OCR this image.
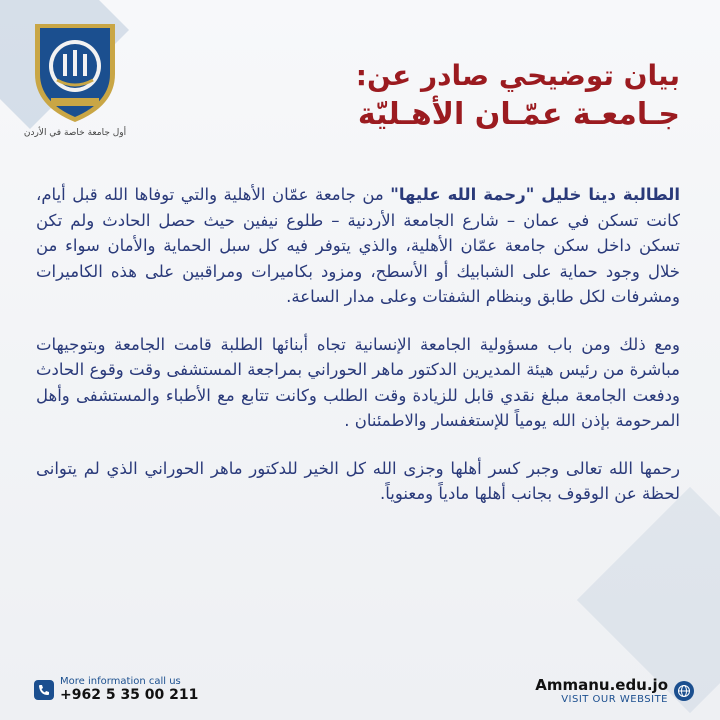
أول جامعة خاصة في الأردن
بيان توضيحي صادر عن:
جـامعـة عمّـان الأهـليّة

الطالبة دينا خليل "رحمة الله عليها" من جامعة عمّان الأهلية والتي توفاها الله قبل أيام، كانت تسكن في عمان – شارع الجامعة الأردنية – طلوع نيفين حيث حصل الحادث ولم تكن تسكن داخل سكن جامعة عمّان الأهلية، والذي يتوفر فيه كل سبل الحماية والأمان سواء من خلال وجود حماية على الشبابيك أو الأسطح، ومزود بكاميرات ومراقبين على هذه الكاميرات ومشرفات لكل طابق وبنظام الشفتات وعلى مدار الساعة.

ومع ذلك ومن باب مسؤولية الجامعة الإنسانية تجاه أبنائها الطلبة قامت الجامعة وبتوجيهات مباشرة من رئيس هيئة المديرين الدكتور ماهر الحوراني بمراجعة المستشفى وقت وقوع الحادث ودفعت الجامعة مبلغ نقدي قابل للزيادة وقت الطلب وكانت تتابع مع الأطباء والمستشفى وأهل المرحومة بإذن الله يومياً للإستغفسار والاطمئنان .

رحمها الله تعالى وجبر كسر أهلها وجزى الله كل الخير للدكتور ماهر الحوراني الذي لم يتوانى لحظة عن الوقوف بجانب أهلها مادياً ومعنوياً.

More information call us
+962 5 35 00 211
Ammanu.edu.jo
VISIT OUR WEBSITE
